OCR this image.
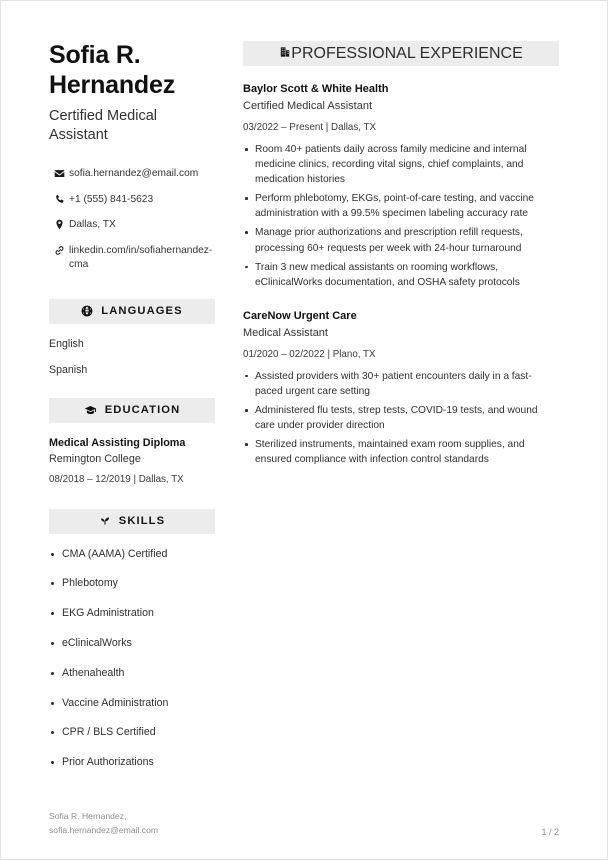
Sofia R. Hernandez
Certified Medical Assistant
sofia.hernandez@email.com
+1 (555) 841-5623
Dallas, TX
linkedin.com/in/sofiahernandez-cma
LANGUAGES
English
Spanish
EDUCATION
Medical Assisting Diploma
Remington College
08/2018 – 12/2019 | Dallas, TX
SKILLS
CMA (AAMA) Certified
Phlebotomy
EKG Administration
eClinicalWorks
Athenahealth
Vaccine Administration
CPR / BLS Certified
Prior Authorizations
PROFESSIONAL EXPERIENCE
Baylor Scott & White Health
Certified Medical Assistant
03/2022 – Present | Dallas, TX
Room 40+ patients daily across family medicine and internal medicine clinics, recording vital signs, chief complaints, and medication histories
Perform phlebotomy, EKGs, point-of-care testing, and vaccine administration with a 99.5% specimen labeling accuracy rate
Manage prior authorizations and prescription refill requests, processing 60+ requests per week with 24-hour turnaround
Train 3 new medical assistants on rooming workflows, eClinicalWorks documentation, and OSHA safety protocols
CareNow Urgent Care
Medical Assistant
01/2020 – 02/2022 | Plano, TX
Assisted providers with 30+ patient encounters daily in a fast-paced urgent care setting
Administered flu tests, strep tests, COVID-19 tests, and wound care under provider direction
Sterilized instruments, maintained exam room supplies, and ensured compliance with infection control standards
Sofia R. Hernandez,
sofia.hernandez@email.com	1 / 2
